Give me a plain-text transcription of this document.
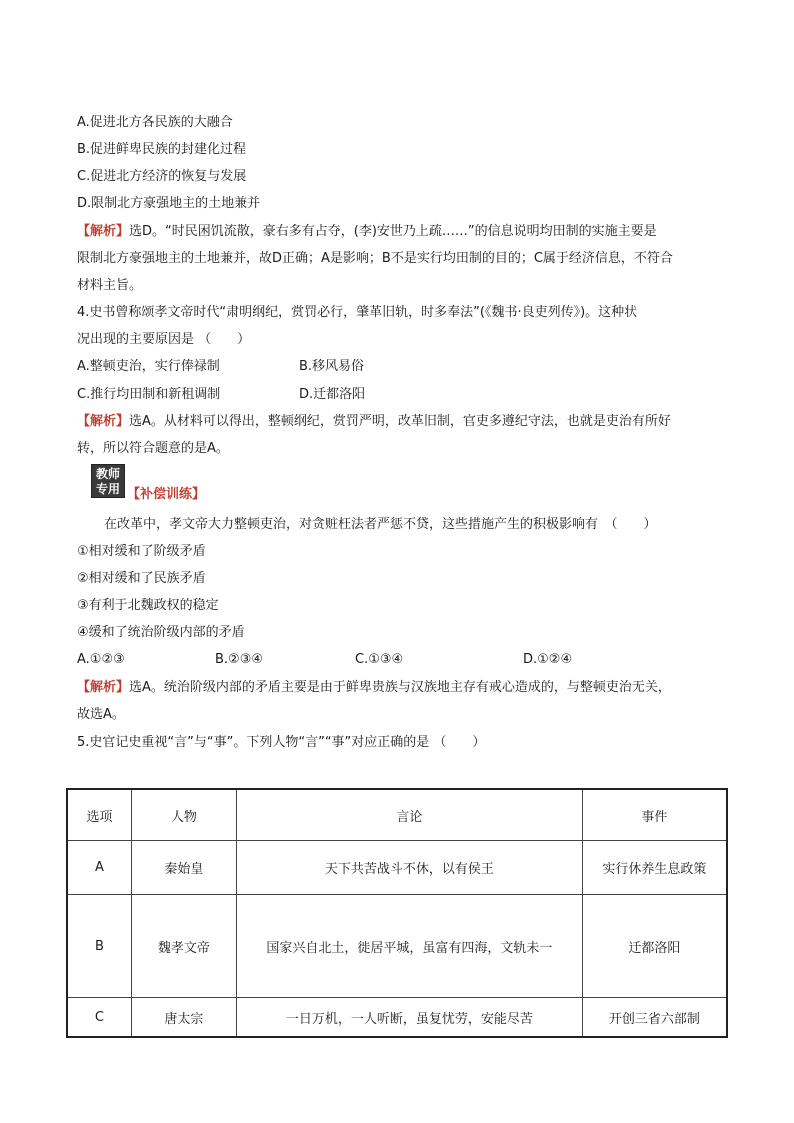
A.促进北方各民族的大融合
B.促进鲜卑民族的封建化过程
C.促进北方经济的恢复与发展
D.限制北方豪强地主的土地兼并
【解析】选D。“时民困饥流散，豪右多有占夺，(李)安世乃上疏……”的信息说明均田制的实施主要是
限制北方豪强地主的土地兼并，故D正确；A是影响；B不是实行均田制的目的；C属于经济信息，不符合
材料主旨。
4.史书曾称颂孝文帝时代“肃明纲纪，赏罚必行，肇革旧轨，时多奉法”(《魏书·良吏列传》)。这种状
况出现的主要原因是 （　　）
A.整顿吏治，实行俸禄制	B.移风易俗
C.推行均田制和新租调制	D.迁都洛阳
【解析】选A。从材料可以得出，整顿纲纪，赏罚严明，改革旧制，官吏多遵纪守法，也就是吏治有所好
转，所以符合题意的是A。
教师
专用 【补偿训练】
在改革中，孝文帝大力整顿吏治，对贪赃枉法者严惩不贷，这些措施产生的积极影响有　（　　）
①相对缓和了阶级矛盾
②相对缓和了民族矛盾
③有利于北魏政权的稳定
④缓和了统治阶级内部的矛盾
A.①②③	B.②③④	C.①③④	D.①②④
【解析】选A。统治阶级内部的矛盾主要是由于鲜卑贵族与汉族地主存有戒心造成的，与整顿吏治无关，
故选A。
5.史官记史重视“言”与“事”。下列人物“言”“事”对应正确的是 （　　）
选项	人物	言论	事件
A	秦始皇	天下共苦战斗不休，以有侯王	实行休养生息政策
B	魏孝文帝	国家兴自北土，徙居平城，虽富有四海，文轨未一	迁都洛阳
C	唐太宗	一日万机，一人听断，虽复忧劳，安能尽苦	开创三省六部制
